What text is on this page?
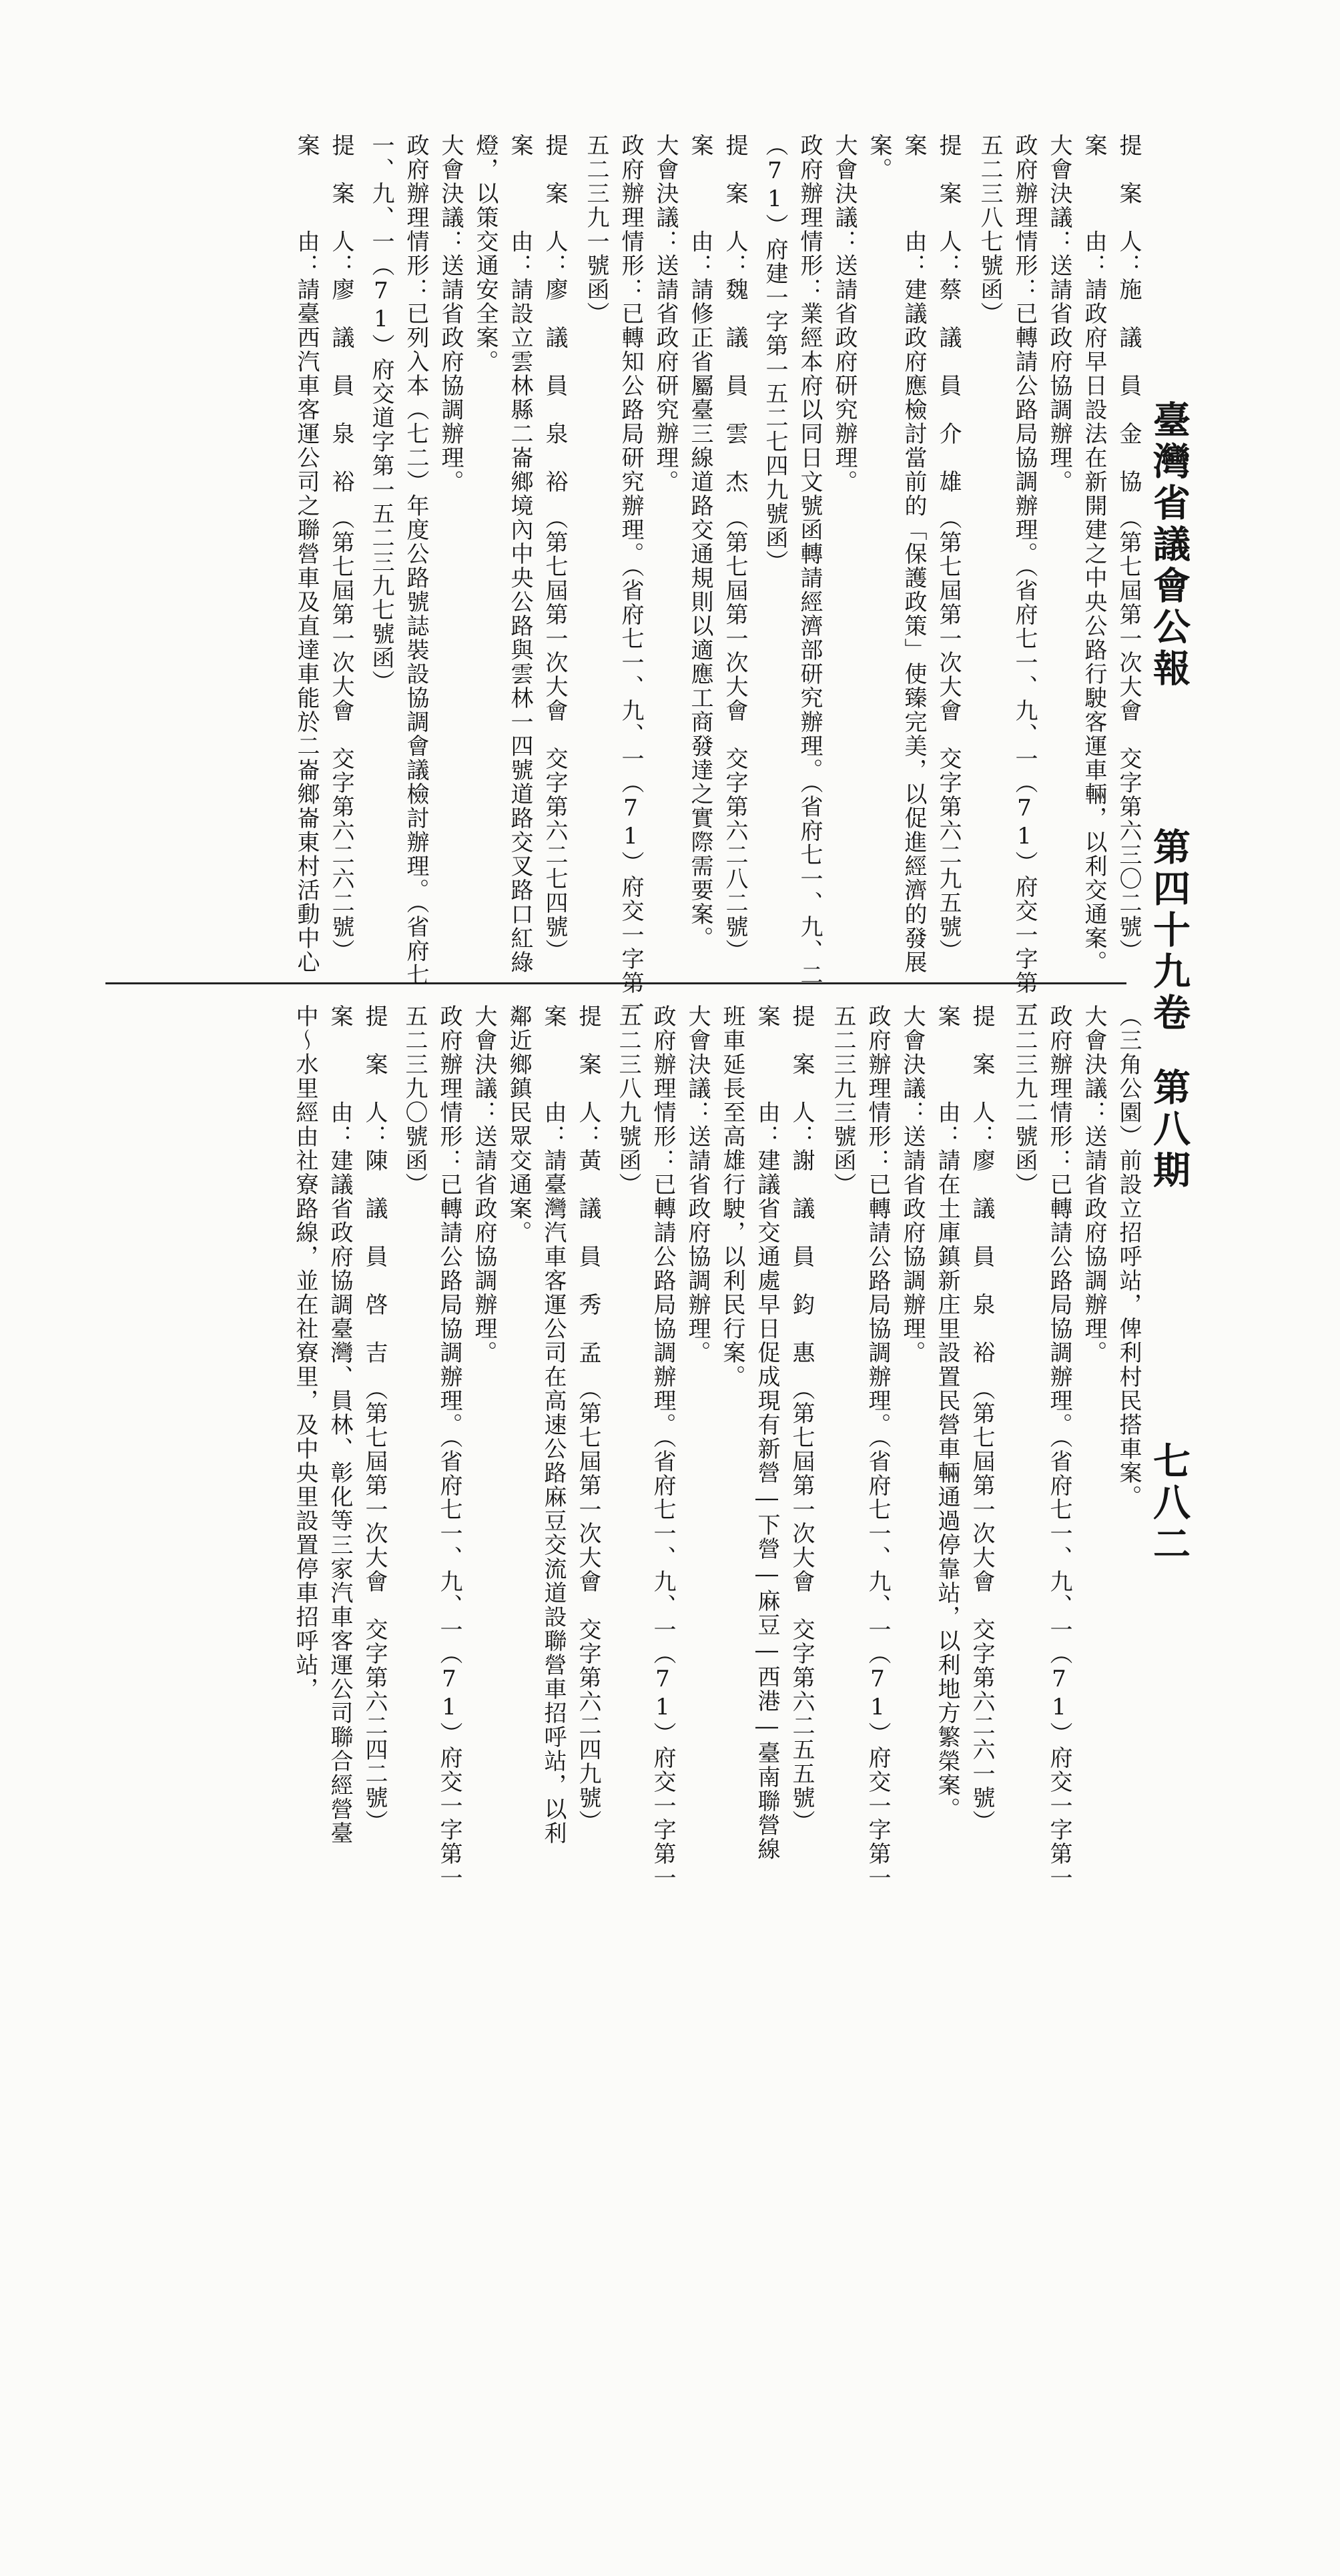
臺灣省議會公報
第四十九卷
第八期
七八二
提　案　人：施　議　員　金　協　（第七屆第一次大會　交字第六三〇二號）
案　　　由：請政府早日設法在新開建之中央公路行駛客運車輛，以利交通案。
大會決議：送請省政府協調辦理。
政府辦理情形：已轉請公路局協調辦理。（省府七一、九、一（71）府交一字第一
五二三八七號函）
提　案　人：蔡　議　員　介　雄　（第七屆第一次大會　交字第六二九五號）
案　　　由：建議政府應檢討當前的「保護政策」使臻完美，以促進經濟的發展
案。
大會決議：送請省政府研究辦理。
政府辦理情形：業經本府以同日文號函轉請經濟部研究辦理。（省府七一、九、二
（71）府建一字第一五二七四九號函）
提　案　人：魏　議　員　雲　杰　（第七屆第一次大會　交字第六二八二號）
案　　　由：請修正省屬臺三線道路交通規則以適應工商發達之實際需要案。
大會決議：送請省政府研究辦理。
政府辦理情形：已轉知公路局研究辦理。（省府七一、九、一（71）府交一字第一
五二三九一號函）
提　案　人：廖　議　員　泉　裕　（第七屆第一次大會　交字第六二七四號）
案　　　由：請設立雲林縣二崙鄉境內中央公路與雲林一四號道路交叉路口紅綠
燈，以策交通安全案。
大會決議：送請省政府協調辦理。
政府辦理情形：已列入本（七二）年度公路號誌裝設協調會議檢討辦理。（省府七
一、九、一（71）府交道字第一五二三九七號函）
提　案　人：廖　議　員　泉　裕　（第七屆第一次大會　交字第六二六二號）
案　　　由：請臺西汽車客運公司之聯營車及直達車能於二崙鄉崙東村活動中心
（三角公園）前設立招呼站，俾利村民搭車案。
大會決議：送請省政府協調辦理。
政府辦理情形：已轉請公路局協調辦理。（省府七一、九、一（71）府交一字第一
五二三九二號函）
提　案　人：廖　議　員　泉　裕　（第七屆第一次大會　交字第六二六一號）
案　　　由：請在土庫鎮新庄里設置民營車輛通過停靠站，以利地方繁榮案。
大會決議：送請省政府協調辦理。
政府辦理情形：已轉請公路局協調辦理。（省府七一、九、一（71）府交一字第一
五二三九三號函）
提　案　人：謝　議　員　鈞　惠　（第七屆第一次大會　交字第六二五五號）
案　　　由：建議省交通處早日促成現有新營―下營―麻豆―西港―臺南聯營線
班車延長至高雄行駛，以利民行案。
大會決議：送請省政府協調辦理。
政府辦理情形：已轉請公路局協調辦理。（省府七一、九、一（71）府交一字第一
五二三八九號函）
提　案　人：黃　議　員　秀　孟　（第七屆第一次大會　交字第六二四九號）
案　　　由：請臺灣汽車客運公司在高速公路麻豆交流道設聯營車招呼站，以利
鄰近鄉鎮民眾交通案。
大會決議：送請省政府協調辦理。
政府辦理情形：已轉請公路局協調辦理。（省府七一、九、一（71）府交一字第一
五二三九〇號函）
提　案　人：陳　議　員　啓　吉　（第七屆第一次大會　交字第六二四二號）
案　　　由：建議省政府協調臺灣、員林、彰化等三家汽車客運公司聯合經營臺
中～水里經由社寮路線，並在社寮里，及中央里設置停車招呼站，
